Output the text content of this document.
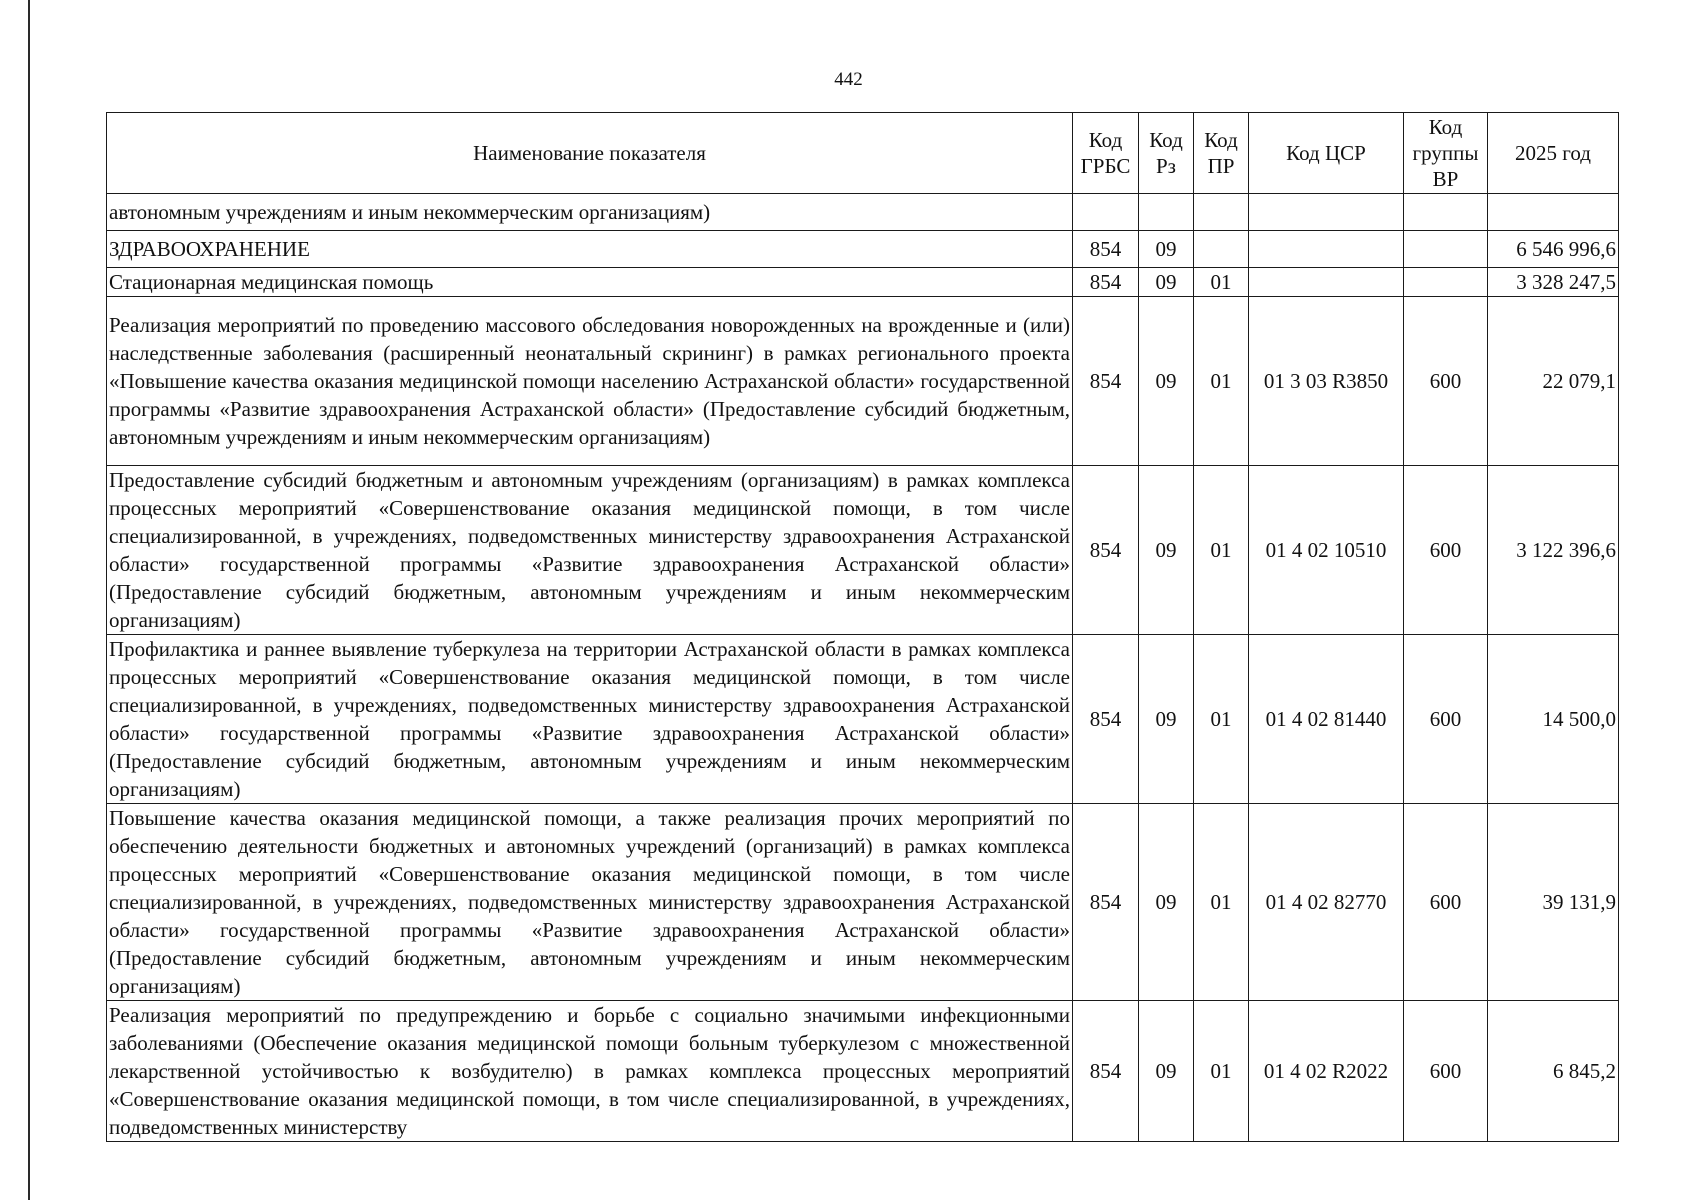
442
Наименование показателя	Код ГРБС	Код Рз	Код ПР	Код ЦСР	Код группы ВР	2025 год
автономным учреждениям и иным некоммерческим организациям)						
ЗДРАВООХРАНЕНИЕ	854	09				6 546 996,6
Стационарная медицинская помощь	854	09	01			3 328 247,5
Реализация мероприятий по проведению массового обследования новорожденных на врожденные и (или) наследственные заболевания (расширенный неонатальный скрининг) в рамках регионального проекта «Повышение качества оказания медицинской помощи населению Астраханской области» государственной программы «Развитие здравоохранения Астраханской области» (Предоставление субсидий бюджетным, автономным учреждениям и иным некоммерческим организациям)	854	09	01	01 3 03 R3850	600	22 079,1
Предоставление субсидий бюджетным и автономным учреждениям (организациям) в рамках комплекса процессных мероприятий «Совершенствование оказания медицинской помощи, в том числе специализированной, в учреждениях, подведомственных министерству здравоохранения Астраханской области» государственной программы «Развитие здравоохранения Астраханской области» (Предоставление субсидий бюджетным, автономным учреждениям и иным некоммерческим организациям)	854	09	01	01 4 02 10510	600	3 122 396,6
Профилактика и раннее выявление туберкулеза на территории Астраханской области в рамках комплекса процессных мероприятий «Совершенствование оказания медицинской помощи, в том числе специализированной, в учреждениях, подведомственных министерству здравоохранения Астраханской области» государственной программы «Развитие здравоохранения Астраханской области» (Предоставление субсидий бюджетным, автономным учреждениям и иным некоммерческим организациям)	854	09	01	01 4 02 81440	600	14 500,0
Повышение качества оказания медицинской помощи, а также реализация прочих мероприятий по обеспечению деятельности бюджетных и автономных учреждений (организаций) в рамках комплекса процессных мероприятий «Совершенствование оказания медицинской помощи, в том числе специализированной, в учреждениях, подведомственных министерству здравоохранения Астраханской области» государственной программы «Развитие здравоохранения Астраханской области» (Предоставление субсидий бюджетным, автономным учреждениям и иным некоммерческим организациям)	854	09	01	01 4 02 82770	600	39 131,9
Реализация мероприятий по предупреждению и борьбе с социально значимыми инфекционными заболеваниями (Обеспечение оказания медицинской помощи больным туберкулезом с множественной лекарственной устойчивостью к возбудителю) в рамках комплекса процессных мероприятий «Совершенствование оказания медицинской помощи, в том числе специализированной, в учреждениях, подведомственных министерству	854	09	01	01 4 02 R2022	600	6 845,2
